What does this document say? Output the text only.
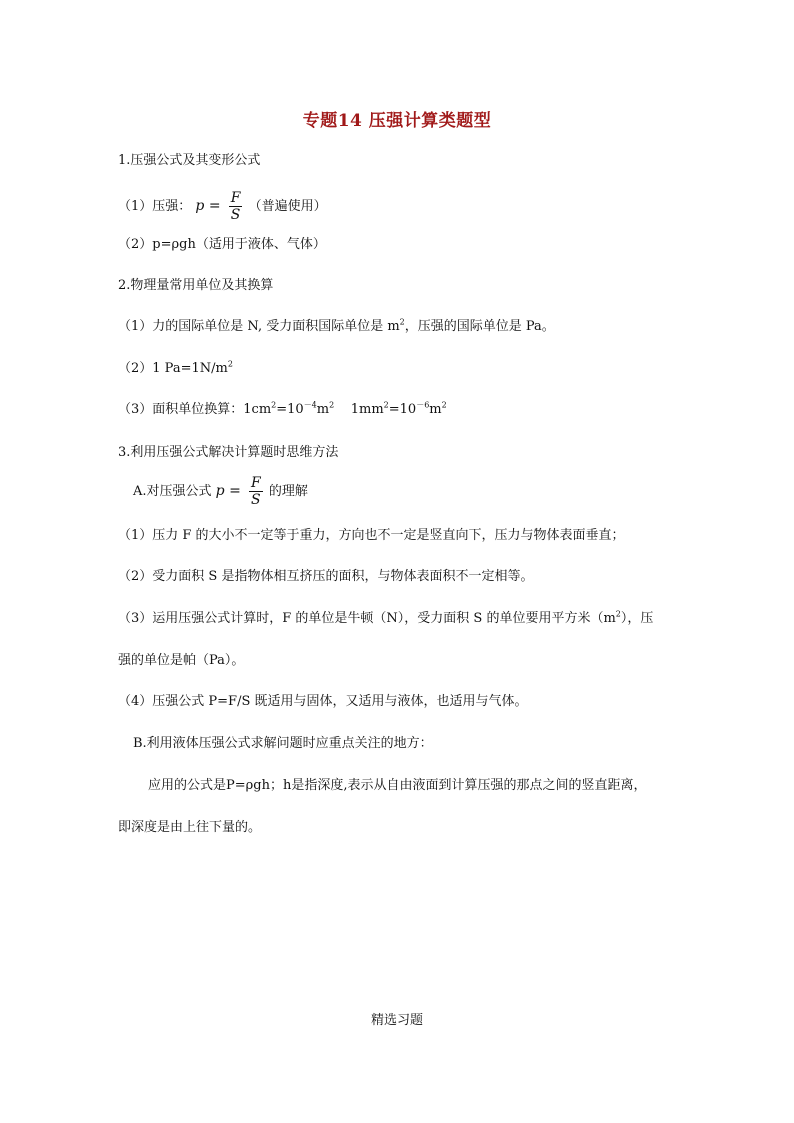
专题14 压强计算类题型
1.压强公式及其变形公式
（1）压强： $p = \frac{F}{S}$ （普遍使用）
（2）p=ρgh（适用于液体、气体）
2.物理量常用单位及其换算
（1）力的国际单位是 N, 受力面积国际单位是 $m^2$，压强的国际单位是 Pa。
（2）1 $Pa=1N/m^2$
（3）面积单位换算：$1cm^2=10^{-4}m^2$    $1mm^2=10^{-6}m^2$
3.利用压强公式解决计算题时思维方法
A.对压强公式 $p = \frac{F}{S}$ 的理解
（1）压力 F 的大小不一定等于重力，方向也不一定是竖直向下，压力与物体表面垂直；
（2）受力面积 S 是指物体相互挤压的面积，与物体表面积不一定相等。
（3）运用压强公式计算时，F 的单位是牛顿（N），受力面积 S 的单位要用平方米$(m^2)$，压
强的单位是帕（Pa）。
（4）压强公式 P=F/S 既适用与固体，又适用与液体，也适用与气体。
B.利用液体压强公式求解问题时应重点关注的地方：
应用的公式是P=ρgh；h是指深度,表示从自由液面到计算压强的那点之间的竖直距离，
即深度是由上往下量的。
精选习题
